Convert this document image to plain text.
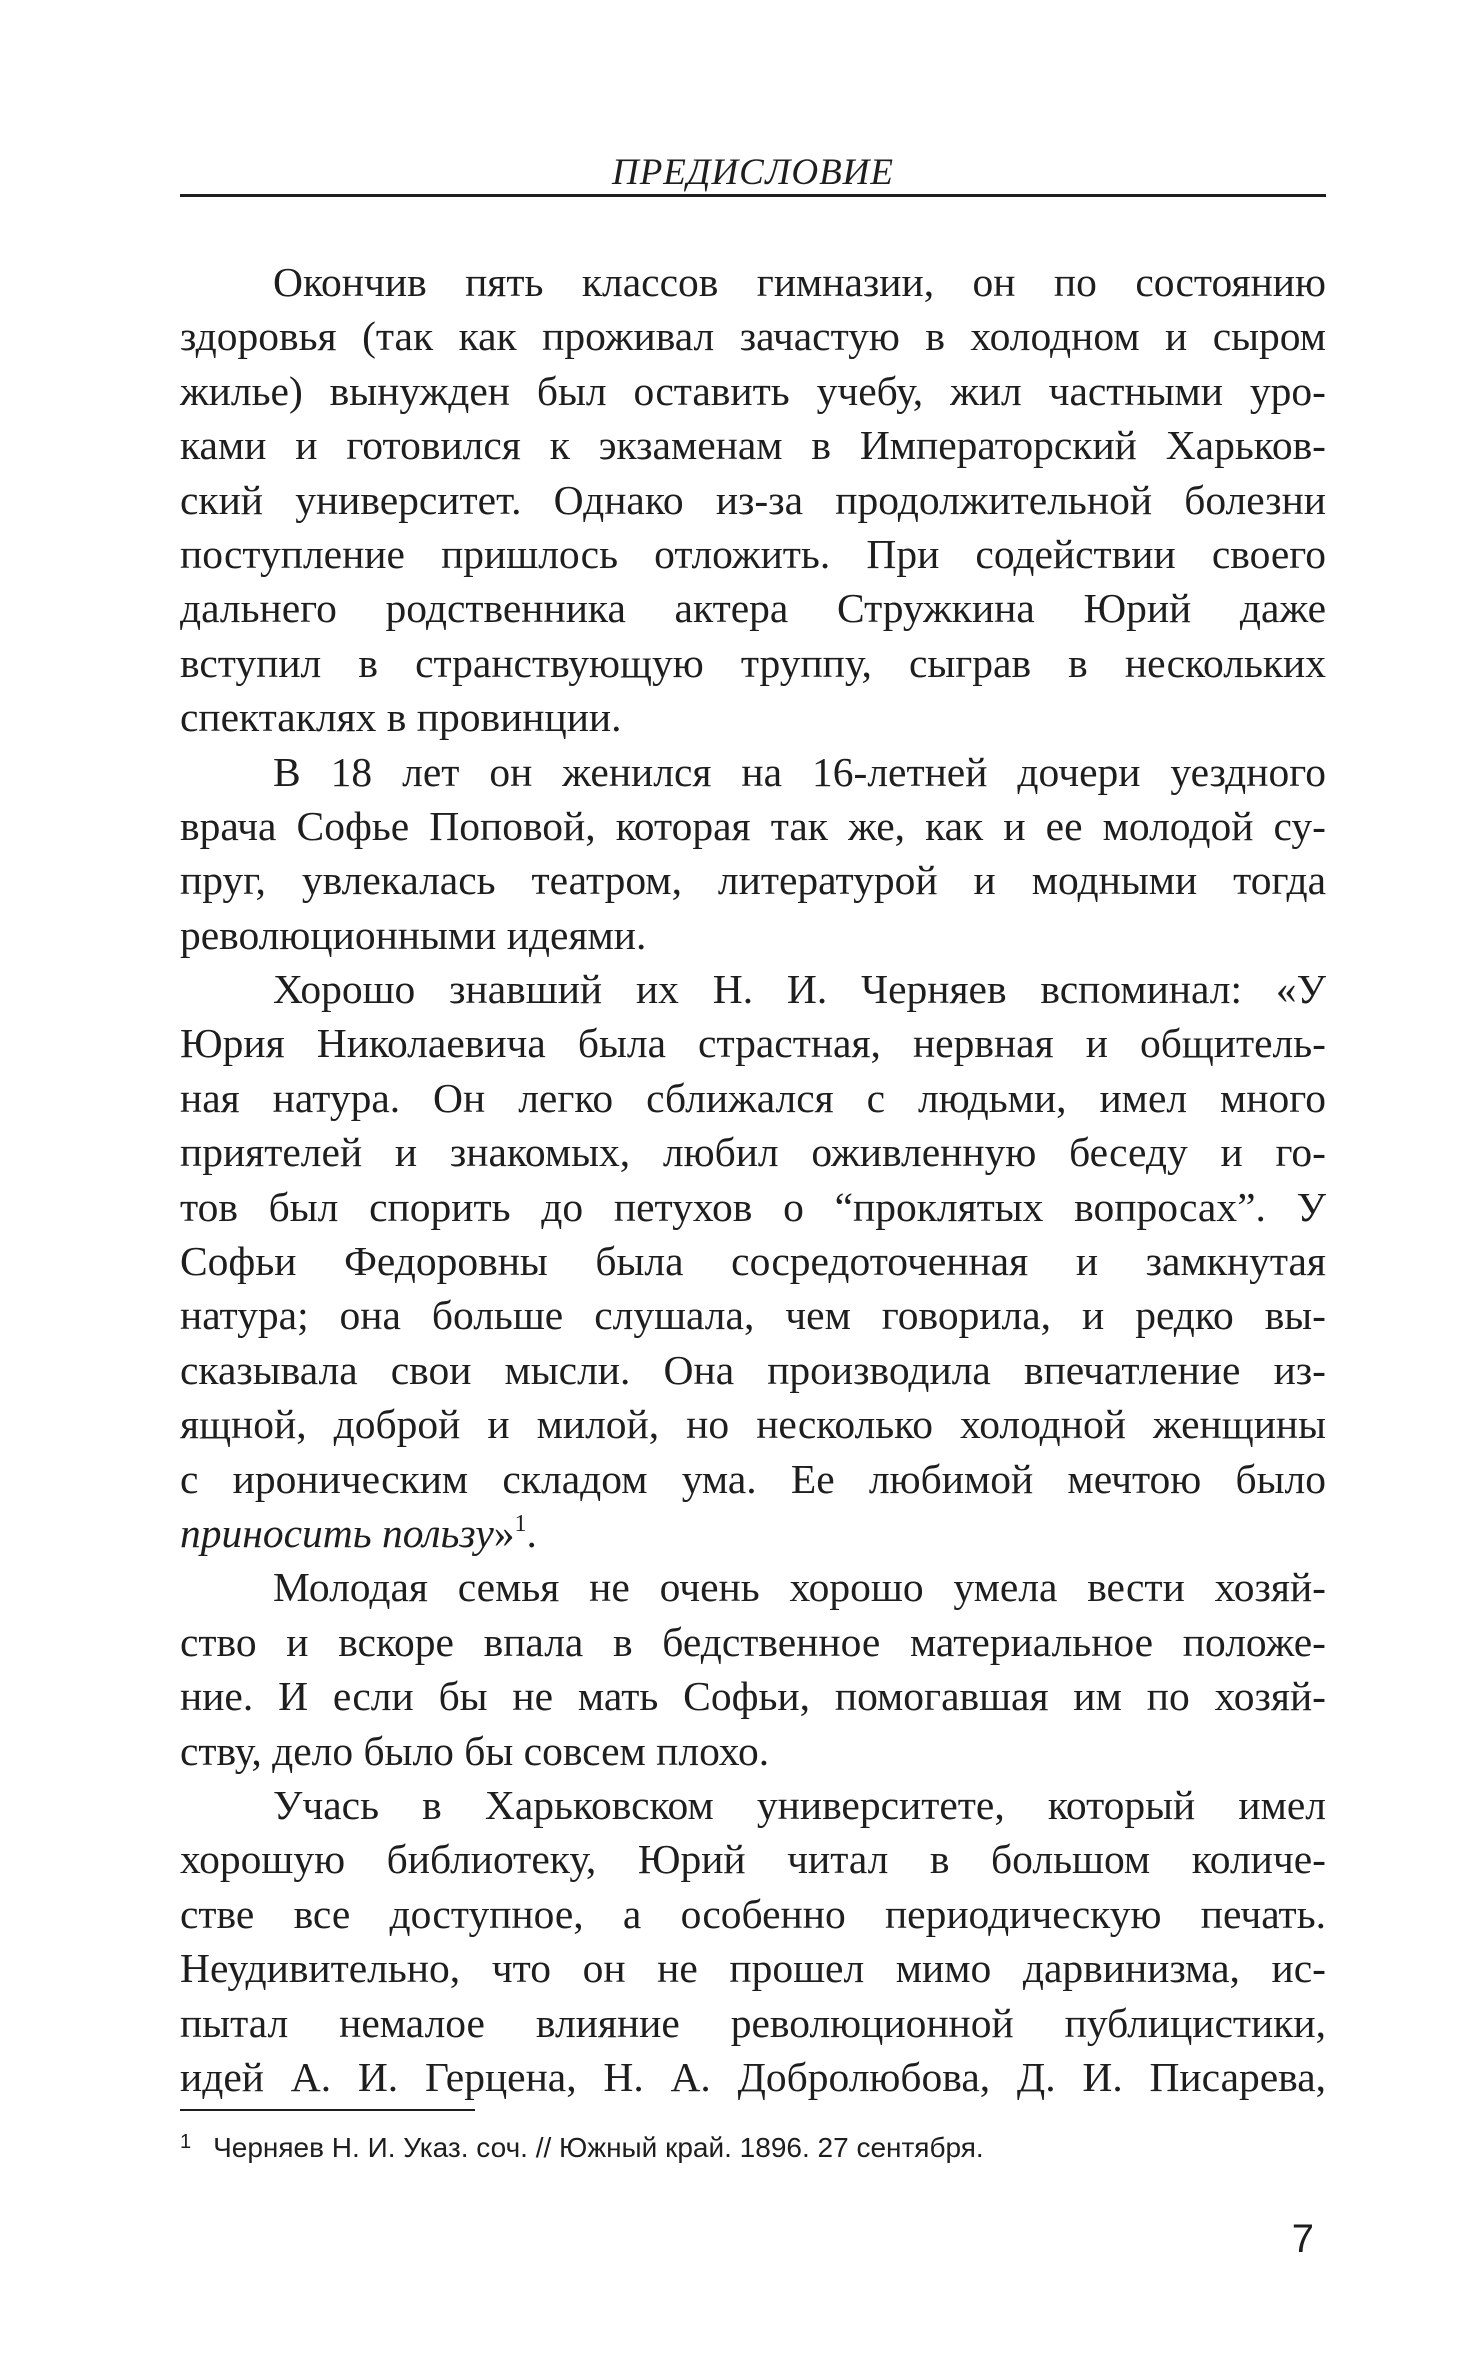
ПРЕДИСЛОВИЕ
Окончив пять классов гимназии, он по состоянию
здоровья (так как проживал зачастую в холодном и сыром
жилье) вынужден был оставить учебу, жил частными уро-
ками и готовился к экзаменам в Императорский Харьков-
ский университет. Однако из-за продолжительной болезни
поступление пришлось отложить. При содействии своего
дальнего родственника актера Стружкина Юрий даже
вступил в странствующую труппу, сыграв в нескольких
спектаклях в провинции.
В 18 лет он женился на 16-летней дочери уездного
врача Софье Поповой, которая так же, как и ее молодой су-
пруг, увлекалась театром, литературой и модными тогда
революционными идеями.
Хорошо знавший их Н. И. Черняев вспоминал: «У
Юрия Николаевича была страстная, нервная и общитель-
ная натура. Он легко сближался с людьми, имел много
приятелей и знакомых, любил оживленную беседу и го-
тов был спорить до петухов о “проклятых вопросах”. У
Софьи Федоровны была сосредоточенная и замкнутая
натура; она больше слушала, чем говорила, и редко вы-
сказывала свои мысли. Она производила впечатление из-
ящной, доброй и милой, но несколько холодной женщины
с ироническим складом ума. Ее любимой мечтою было
приносить пользу»$^1$.
Молодая семья не очень хорошо умела вести хозяй-
ство и вскоре впала в бедственное материальное положе-
ние. И если бы не мать Софьи, помогавшая им по хозяй-
ству, дело было бы совсем плохо.
Учась в Харьковском университете, который имел
хорошую библиотеку, Юрий читал в большом количе-
стве все доступное, а особенно периодическую печать.
Неудивительно, что он не прошел мимо дарвинизма, ис-
пытал немалое влияние революционной публицистики,
идей А. И. Герцена, Н. А. Добролюбова, Д. И. Писарева,
$^1$ Черняев Н. И. Указ. соч. // Южный край. 1896. 27 сентября.
7
